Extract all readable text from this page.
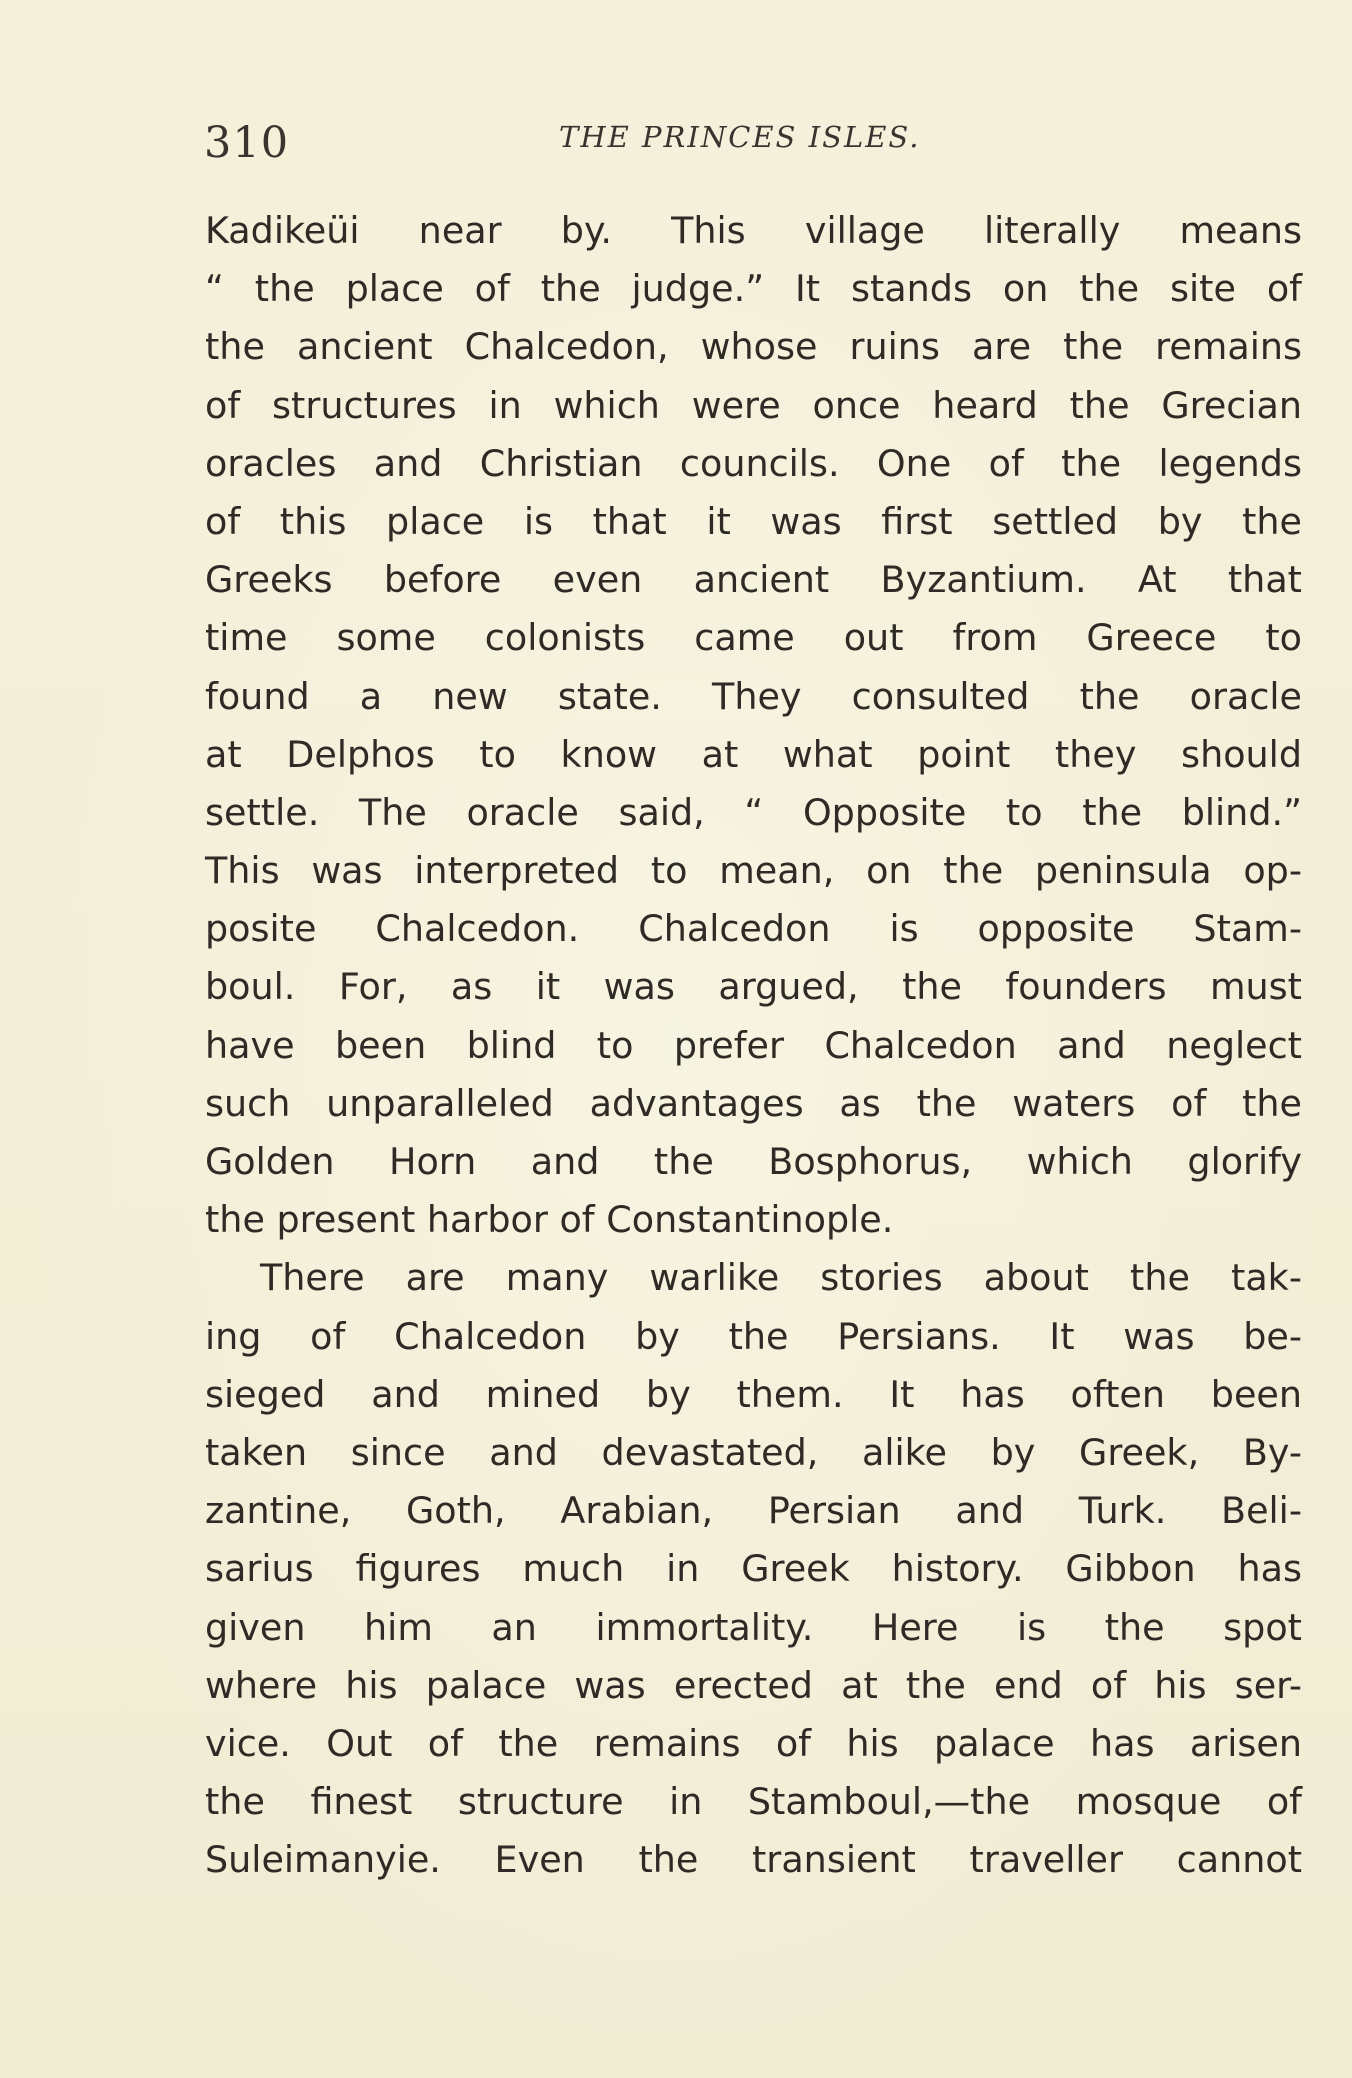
310	THE PRINCES ISLES.
Kadikeüi near by. This village literally means
“ the place of the judge.” It stands on the site of
the ancient Chalcedon, whose ruins are the remains
of structures in which were once heard the Grecian
oracles and Christian councils. One of the legends
of this place is that it was first settled by the
Greeks before even ancient Byzantium. At that
time some colonists came out from Greece to
found a new state. They consulted the oracle
at Delphos to know at what point they should
settle. The oracle said, “ Opposite to the blind.”
This was interpreted to mean, on the peninsula op-
posite Chalcedon. Chalcedon is opposite Stam-
boul. For, as it was argued, the founders must
have been blind to prefer Chalcedon and neglect
such unparalleled advantages as the waters of the
Golden Horn and the Bosphorus, which glorify
the present harbor of Constantinople.
There are many warlike stories about the tak-
ing of Chalcedon by the Persians. It was be-
sieged and mined by them. It has often been
taken since and devastated, alike by Greek, By-
zantine, Goth, Arabian, Persian and Turk. Beli-
sarius figures much in Greek history. Gibbon has
given him an immortality. Here is the spot
where his palace was erected at the end of his ser-
vice. Out of the remains of his palace has arisen
the finest structure in Stamboul,—the mosque of
Suleimanyie. Even the transient traveller cannot
